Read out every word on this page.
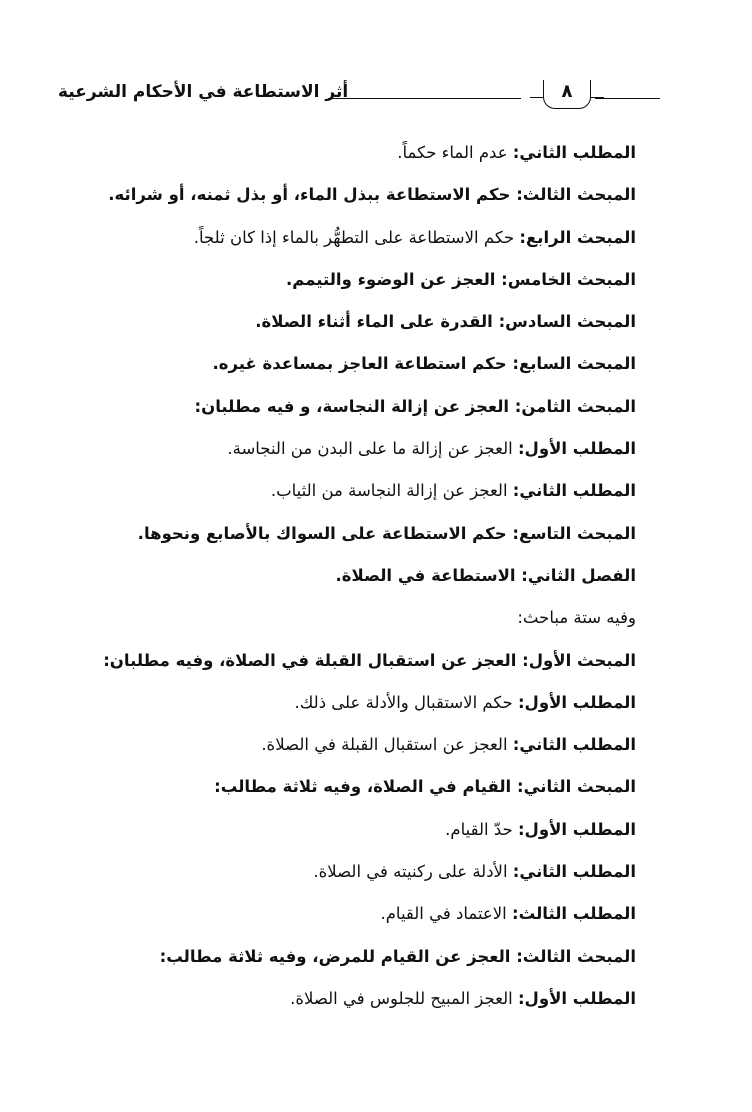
أثر الاستطاعة في الأحكام الشرعية	٨
المطلب الثاني: عدم الماء حكماً.
المبحث الثالث: حكم الاستطاعة ببذل الماء، أو بذل ثمنه، أو شرائه.
المبحث الرابع: حكم الاستطاعة على التطهُّر بالماء إذا كان ثلجاً.
المبحث الخامس: العجز عن الوضوء والتيمم.
المبحث السادس: القدرة على الماء أثناء الصلاة.
المبحث السابع: حكم استطاعة العاجز بمساعدة غيره.
المبحث الثامن: العجز عن إزالة النجاسة، و فيه مطلبان:
المطلب الأول: العجز عن إزالة ما على البدن من النجاسة.
المطلب الثاني: العجز عن إزالة النجاسة من الثياب.
المبحث التاسع: حكم الاستطاعة على السواك بالأصابع ونحوها.
الفصل الثاني: الاستطاعة في الصلاة.
وفيه ستة مباحث:
المبحث الأول: العجز عن استقبال القبلة في الصلاة، وفيه مطلبان:
المطلب الأول: حكم الاستقبال والأدلة على ذلك.
المطلب الثاني: العجز عن استقبال القبلة في الصلاة.
المبحث الثاني: القيام في الصلاة، وفيه ثلاثة مطالب:
المطلب الأول: حدّ القيام.
المطلب الثاني: الأدلة على ركنيته في الصلاة.
المطلب الثالث: الاعتماد في القيام.
المبحث الثالث: العجز عن القيام للمرض، وفيه ثلاثة مطالب:
المطلب الأول: العجز المبيح للجلوس في الصلاة.
